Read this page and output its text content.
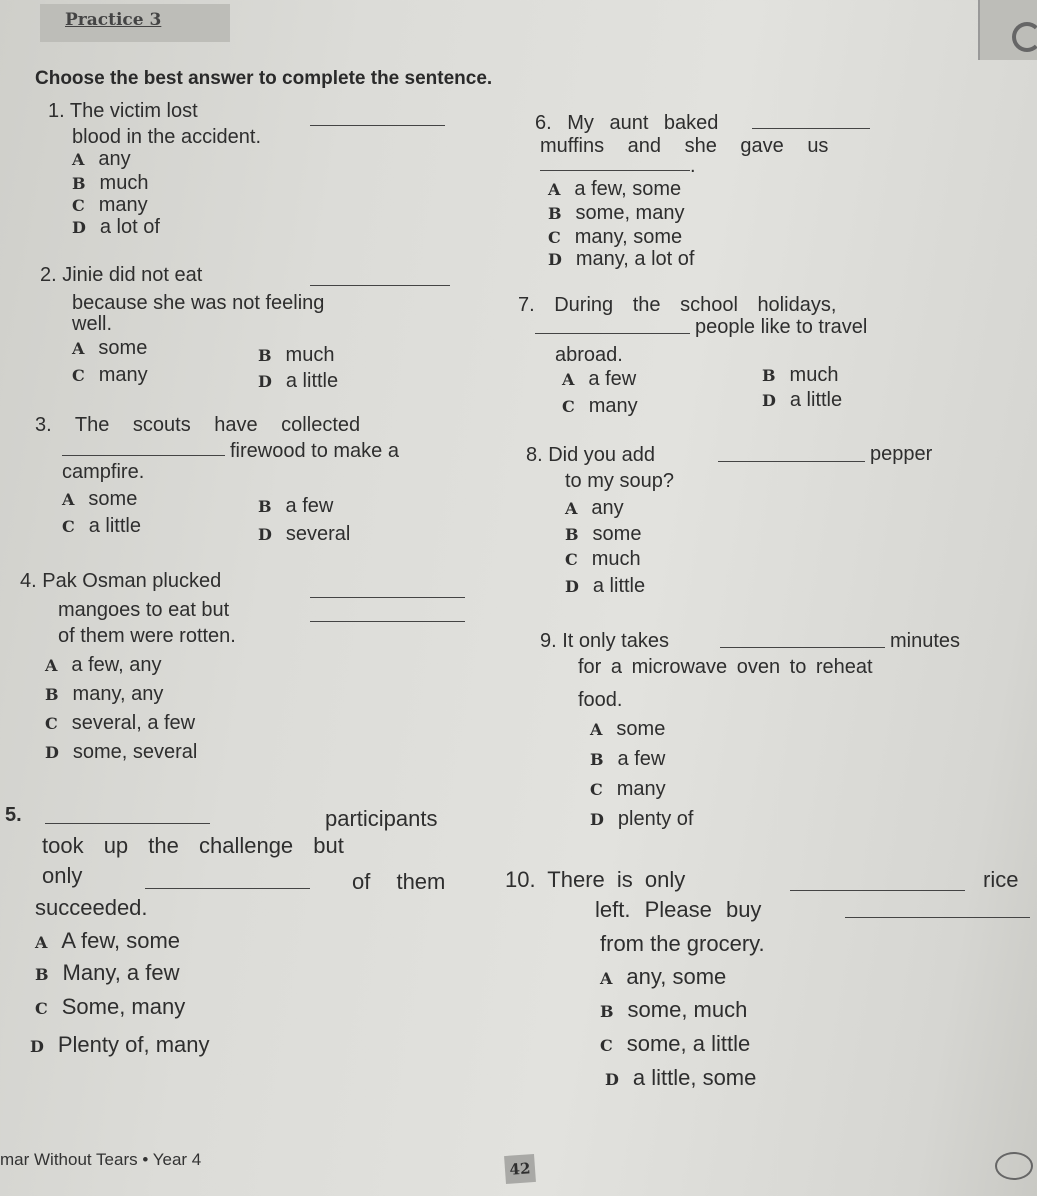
Practice 3
Choose the best answer to complete the sentence.
1. The victim lost
blood in the accident.
A any
B much
C many
D a lot of
2. Jinie did not eat
because she was not feeling
well.
A some	B much
C many	D a little
3. The scouts have collected
firewood to make a
campfire.
A some	B a few
C a little	D several
4. Pak Osman plucked
mangoes to eat but
of them were rotten.
A a few, any
B many, any
C several, a few
D some, several
5.	participants
took up the challenge but
only	of them
succeeded.
A A few, some
B Many, a few
C Some, many
D Plenty of, many
6. My aunt baked
muffins and she gave us
.
A a few, some
B some, many
C many, some
D many, a lot of
7. During the school holidays,
people like to travel
abroad.
A a few	B much
C many	D a little
8. Did you add	pepper
to my soup?
A any
B some
C much
D a little
9. It only takes	minutes
for a microwave oven to reheat
food.
A some
B a few
C many
D plenty of
10. There is only	rice
left. Please buy
from the grocery.
A any, some
B some, much
C some, a little
D a little, some
mar Without Tears • Year 4	42
